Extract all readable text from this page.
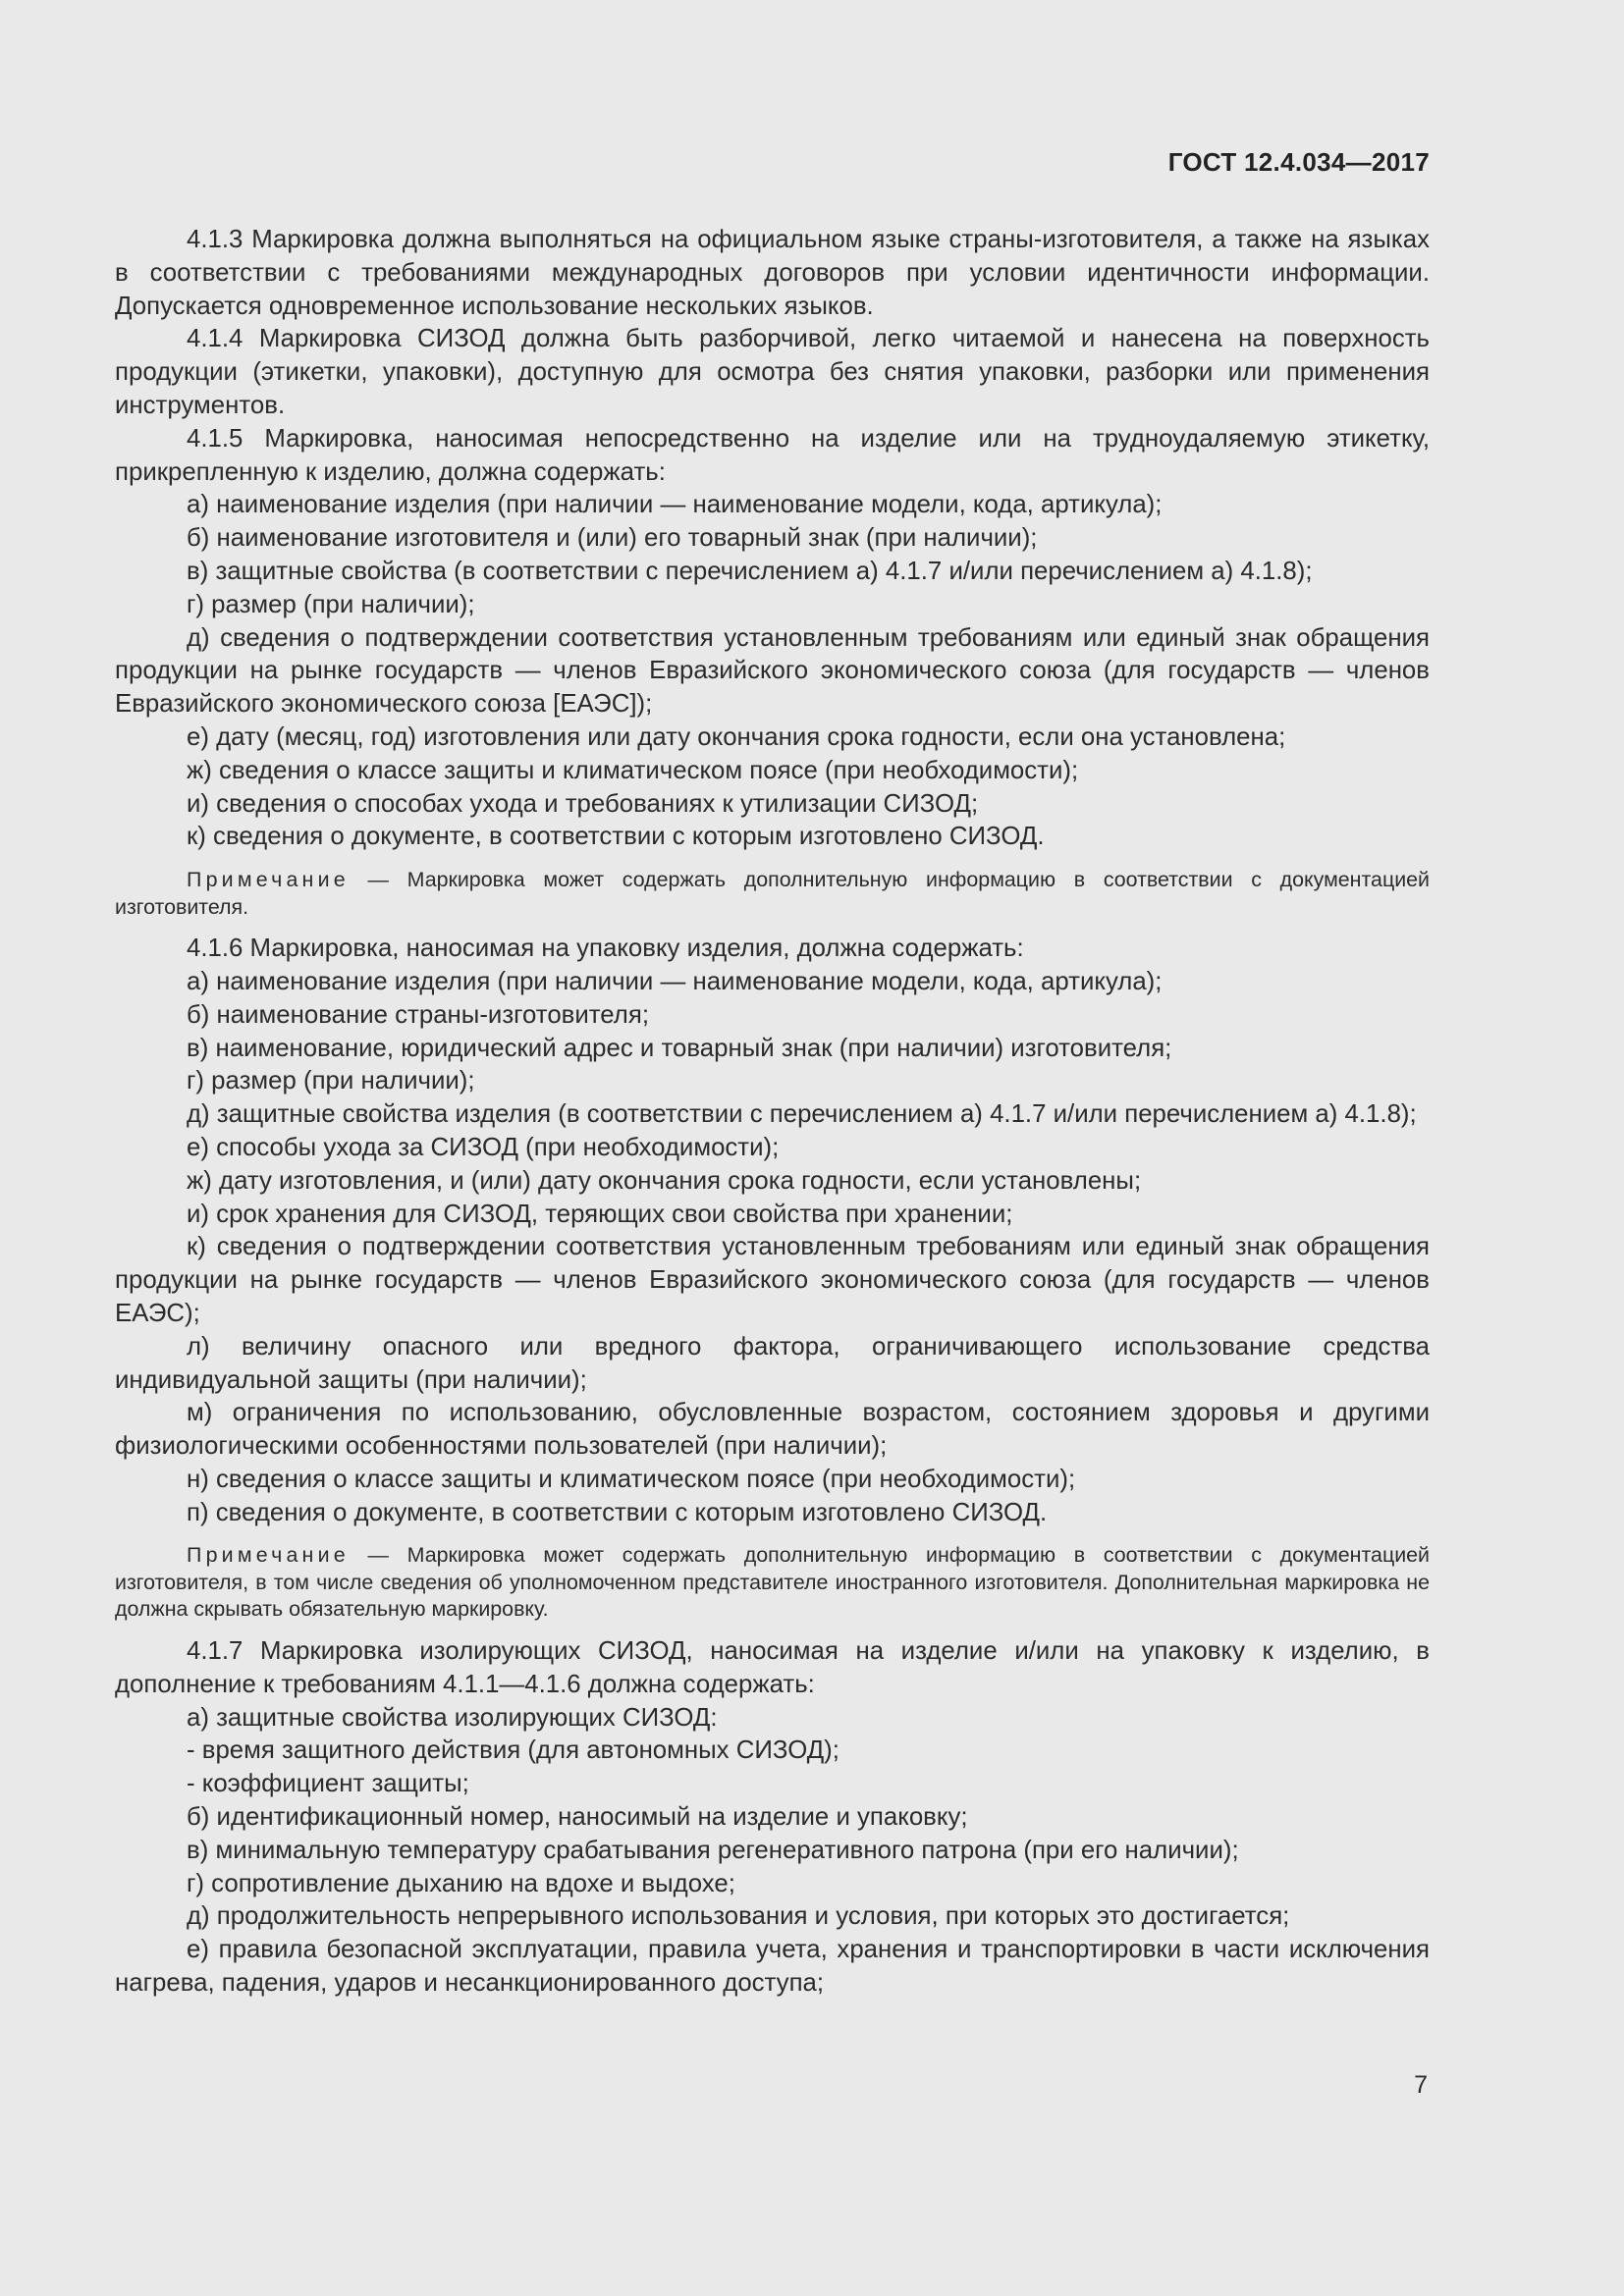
ГОСТ 12.4.034—2017

4.1.3 Маркировка должна выполняться на официальном языке страны-изготовителя, а также на языках в соответствии с требованиями международных договоров при условии идентичности информации. Допускается одновременное использование нескольких языков.

4.1.4 Маркировка СИЗОД должна быть разборчивой, легко читаемой и нанесена на поверхность продукции (этикетки, упаковки), доступную для осмотра без снятия упаковки, разборки или применения инструментов.

4.1.5 Маркировка, наносимая непосредственно на изделие или на трудноудаляемую этикетку, прикрепленную к изделию, должна содержать:

а) наименование изделия (при наличии — наименование модели, кода, артикула);

б) наименование изготовителя и (или) его товарный знак (при наличии);

в) защитные свойства (в соответствии с перечислением а) 4.1.7 и/или перечислением а) 4.1.8);

г) размер (при наличии);

д) сведения о подтверждении соответствия установленным требованиям или единый знак обращения продукции на рынке государств — членов Евразийского экономического союза (для государств — членов Евразийского экономического союза [ЕАЭС]);

е) дату (месяц, год) изготовления или дату окончания срока годности, если она установлена;

ж) сведения о классе защиты и климатическом поясе (при необходимости);

и) сведения о способах ухода и требованиях к утилизации СИЗОД;

к) сведения о документе, в соответствии с которым изготовлено СИЗОД.

Примечание — Маркировка может содержать дополнительную информацию в соответствии с документацией изготовителя.

4.1.6 Маркировка, наносимая на упаковку изделия, должна содержать:

а) наименование изделия (при наличии — наименование модели, кода, артикула);

б) наименование страны-изготовителя;

в) наименование, юридический адрес и товарный знак (при наличии) изготовителя;

г) размер (при наличии);

д) защитные свойства изделия (в соответствии с перечислением а) 4.1.7 и/или перечислением а) 4.1.8);

е) способы ухода за СИЗОД (при необходимости);

ж) дату изготовления, и (или) дату окончания срока годности, если установлены;

и) срок хранения для СИЗОД, теряющих свои свойства при хранении;

к) сведения о подтверждении соответствия установленным требованиям или единый знак обращения продукции на рынке государств — членов Евразийского экономического союза (для государств — членов ЕАЭС);

л) величину опасного или вредного фактора, ограничивающего использование средства индивидуальной защиты (при наличии);

м) ограничения по использованию, обусловленные возрастом, состоянием здоровья и другими физиологическими особенностями пользователей (при наличии);

н) сведения о классе защиты и климатическом поясе (при необходимости);

п) сведения о документе, в соответствии с которым изготовлено СИЗОД.

Примечание — Маркировка может содержать дополнительную информацию в соответствии с документацией изготовителя, в том числе сведения об уполномоченном представителе иностранного изготовителя. Дополнительная маркировка не должна скрывать обязательную маркировку.

4.1.7 Маркировка изолирующих СИЗОД, наносимая на изделие и/или на упаковку к изделию, в дополнение к требованиям 4.1.1—4.1.6 должна содержать:

а) защитные свойства изолирующих СИЗОД:

- время защитного действия (для автономных СИЗОД);

- коэффициент защиты;

б) идентификационный номер, наносимый на изделие и упаковку;

в) минимальную температуру срабатывания регенеративного патрона (при его наличии);

г) сопротивление дыханию на вдохе и выдохе;

д) продолжительность непрерывного использования и условия, при которых это достигается;

е) правила безопасной эксплуатации, правила учета, хранения и транспортировки в части исключения нагрева, падения, ударов и несанкционированного доступа;

7
